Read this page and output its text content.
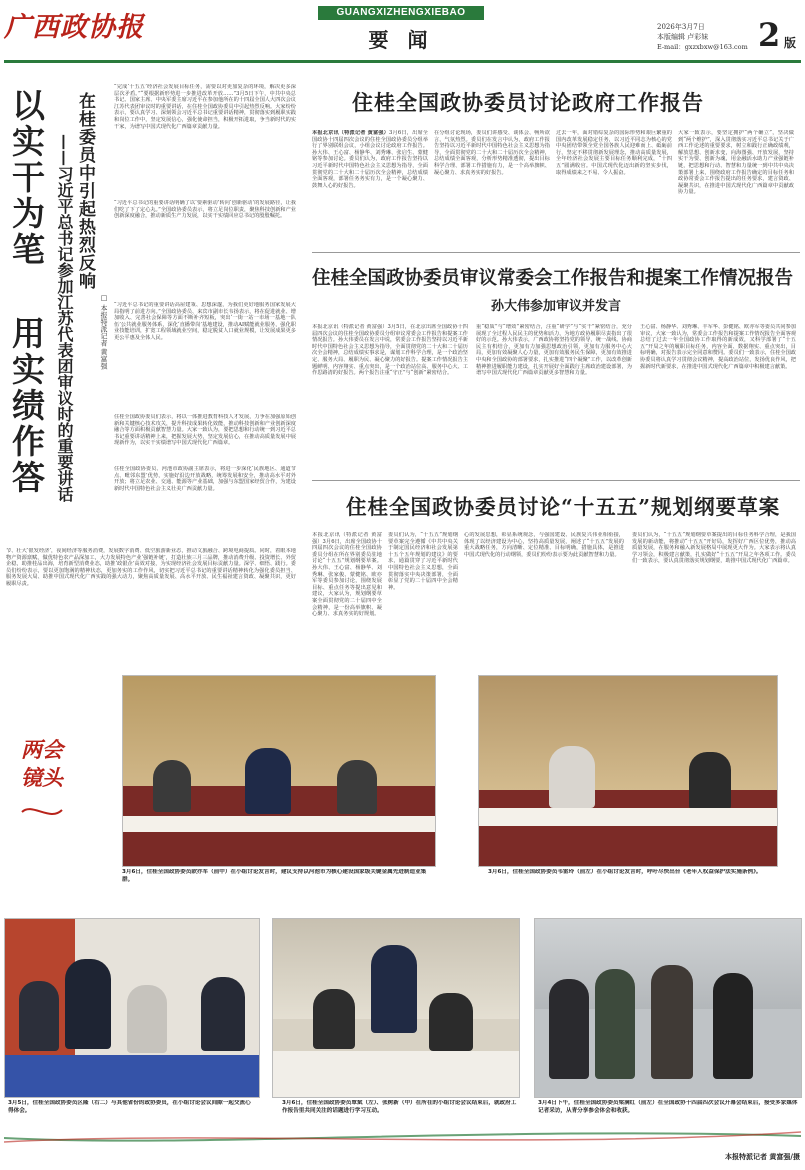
广西政协报	GUANGXIZHENGXIEBAO
要 闻
2026年3月7日
本版编辑 卢彩妹
E-mail：gxzxbxw@163.com 2 版
以实干为笔
用实绩作答
在桂委员中引起热烈反响
——习近平总书记参加江苏代表团审议时的重要讲话	□ 本报特派记者 黄富强
“完成‘十五五’经济社会发展目标任务，需要以对更加复杂的环境，解决更多深层次矛盾。”“要根据新形势进一步推进改革开放……”3月5日下午，中共中央总书记、国家主席、中央军委主席习近平在参加他所在的十四届全国人大四次会议江苏代表团审议时的重要讲话，在住桂全国政协委员中引起热烈反响。大家纷纷表示，要认真学习、深刻领会习近平总书记重要讲话精神，贯彻落实到履职实践和岗位工作中，坚定发展信心，强化使命担当，积极开拓进取，争当新时代的实干家，为谱写中国式现代化广西篇章贡献力量。
“习近平总书记的重要讲话明确了以‘要素驱动’转向‘创新驱动’的发展路径，让我们吃了下了定心丸。”全国政协委员表示，将立足岗位职责，聚焦科技创新和产业创新深度融合，推动新质生产力发展，以实干实绩回应总书记的殷殷嘱托。
“习近平总书记的重要讲话高屋建瓴、思想深邃，为我们更好地服务国家发展大局指明了前进方向。”全国政协委员、来宾市副市长韦扬表示，将在促进就业、增加收入、完善社会保障等方面不断补齐短板，突出‘一街一站一市场一基地一队伍’公共就业服务体系，深化‘直播带岗’基地建设，推动AI赋能就业服务，强化职业技能培训，扩宽工程领域就业空间，稳定脱贫人口就业规模，让发展成果更多更公平惠及全体人民。
住桂全国政协委员们表示，将以一体推进教育科技人才发展，力争在加强原始创新和关键核心技术攻关，提升科技成果转化效能，推动科技创新和产业创新深度融合等方面积极贡献智慧力量。大家一致认为，要把思想和行动统一到习近平总书记重要讲话精神上来，把握发展大势，坚定发展信心，在推动高质量发展中展现新作为，以实干实绩谱写中国式现代化广西篇章。
住桂全国政协委员、河池市政协副主席表示，将进一步深化‘民族地区、通道节点、毗邻东盟’优势，实施好沿边开放战略，统筹发展和安全，推动高水平对外开放；将立足农业、交通、能源等产业基础，加强与东盟国家经贸合作，为建设新时代中国特色社会主义壮美广西贡献力量。
节、壮大‘银发经济’，夜间经济等服务消费，发展数字消费、低空旅游新业态，推动文旅融合、跨境电商提质。同时，着眼本地物产资源禀赋，做优特色农产品深加工，大力发展特色产业‘强链补链’，打造壮族三月三品牌，推动消费升级、投资增长、外贸企稳，助推桂品出海，培育新型消费业态，助推‘政银企’高效对接，为实现经济社会发展目标贡献力量。深学、细悟、践行。委员们纷纷表示，要以更加饱满的精神状态，更加务实的工作作风，切实把习近平总书记的重要讲话精神转化为强化委员担当、服务发展大局、助推中国式现代化广西实践的强大动力，聚焦高质量发展、高水平开放、民生福祉建言资政、凝聚共识，更好履职尽责。
住桂全国政协委员讨论政府工作报告
本报北京讯（特派记者 黄富强）3月6日，出席全国政协十四届四次会议的住桂全国政协委员分组举行了界别联组会议，小组会议讨论政府工作报告。孙大伟、王心富、杨静华、刘秀琳、张启生、蒙健铭等参加讨论。委员们认为，政府工作报告坚持以习近平新时代中国特色社会主义思想为指导，全面贯彻党的二十大和二十届历次全会精神，总结成绩全面客观，部署任务务实有力，是一个凝心聚力、鼓舞人心的好报告。
在分组讨论现场，委员们讲感受、谈体会、畅所欲言，气氛热烈。委员们在发言中认为，政府工作报告坚持以习近平新时代中国特色社会主义思想为指导，全面贯彻党的二十大和二十届历次全会精神，总结成绩全面客观，分析形势精准透彻，提出目标科学合理、部署工作措施有力，是一个高举旗帜、凝心聚力、求真务实的好报告。
过去一年，面对错综复杂的国际形势和艰巨繁重的国内改革发展稳定任务，以习近平同志为核心的党中央团结带领全党全国各族人民迎难而上、砥砺前行，坚定不移贯彻新发展理念，推动高质量发展，全年经济社会发展主要目标任务顺利完成，“十四五”圆满收官。中国式现代化迈出新的坚实步伐，取得成绩来之不易、令人振奋。
大家一致表示，要坚定拥护“两个确立”，坚决做到“两个维护”，深入贯彻落实习近平总书记关于广西工作论述的重要要求，树立和践行正确政绩观，解放思想、创新求变，向海图强、开放发展，坚持实干为要、创新为魂，用金融活水助力产业强链补链，把思想和行动、智慧和力量统一到中共中央决策部署上来，围绕政府工作报告确定的目标任务和政协常委会工作报告提出的任务要求，建言资政、凝聚共识，在推进中国式现代化广西篇章中贡献政协力量。
住桂全国政协委员审议常委会工作报告和提案工作情况报告
孙大伟参加审议并发言
本报北京讯（特派记者 黄富强）3月5日，在北京出席全国政协十四届四次会议的住桂全国政协委员分组审议常委会工作报告和提案工作情况报告。孙大伟委员在发言中说，常委会工作报告坚持以习近平新时代中国特色社会主义思想为指导，全面贯彻党的二十大和二十届历次全会精神，总结成绩实事求是，谋划工作科学合理，是一个政治坚定、服务大局、履职为民、凝心聚力的好报告。提案工作情况报告主题鲜明、内容翔实、重点突出，是一个政治站位高、服务中心大、工作思路清的好报告。两个报告注重“守正”与“创新”紧密结合。
重“稳质”与“增效”紧密结合，注重“研学”与“实干”紧密结合，充分展现了全过程人民民主的优势和活力，为地方政协履职尽责指出了很好的示范。孙大伟表示，广西政协将坚持党的领导，统一战线、协商民主有机结合，更加有力加强思想政治引领，更加有力服务中心大局，更加有效凝聚人心力量，更加有效服务民生保障，更加有效推进中央和全国政协的部署要求，扎实推进“四个凝聚”工作，以改革创新精神推进履职能力建设，扎实开展好全面践行主席政治建设部署，为谱写中国式现代化广西篇章贡献更多智慧和力量。
王心富、杨静华、刘秀琳、丰军华、彭健铭、欧亦军等委员共同参加审议，大家一致认为，常委会工作报告和提案工作情况报告全面客观总结了过去一年全国政协工作取得的新成效，又科学部署了“十五五”开局之年的履职目标任务，内容全面、数据翔实、重点突出，目标明确，对报告表示完全同意和赞同。委员们一致表示，住桂全国政协委员将认真学习贯彻会议精神，提高政治站位，发扬优良作风，把握新时代新要求，在推进中国式现代化广西篇章中积极建言献策。
住桂全国政协委员讨论“十五五”规划纲要草案
本报北京讯（特派记者 黄富强）3月6日，出席全国政协十四届四次会议的住桂全国政协委员分组在所在界别委员驻地讨论“十五五”规划纲要草案。孙大伟、王心富、杨静华、刘秀琳、张家俊、蒙健铭、欧亦军等委员参加讨论，围绕发展目标、重点任务等提出意见和建议，大家认为，规划纲要草案全面贯彻党的二十届四中全会精神，是一份高举旗帜、凝心聚力、求真务实的好规划。
委员们认为，“十五五”规划纲要草案完全遵循《中共中央关于制定国民经济和社会发展第十五个五年规划的建议》的要求，通篇贯穿了习近平新时代中国特色社会主义思想，全面贯彻落实中央决策部署，全面彰显了党的二十届四中全会精神。
心的发展思想，彰显系统观念，与强国建设、民族复兴伟业相衔接，体现了以经济建设为中心，坚持高质量发展，阐述了“十五五”发展的重大战略任务，方向清晰、定位精准、目标明确，措施具体，是推进中国式现代化的行动纲领，委员们纷纷表示要为此贡献智慧和力量。
委员们认为，“十五五”规划纲要草案提出的目标任务科学合理，是我国发展的新动能，将推动“十五五”开好局，发挥好广西区位优势，推动高质量发展，在服务和融入新发展格局中展现更大作为。大家表示将认真学习领会，积极建言献策，扎实做好“十五五”开局之年各项工作。委员们一致表示，要认真贯彻落实规划纲要，助推中国式现代化广西篇章。
两会镜头
3月6日，住桂全国政协委员欧亦军（前中）在小组讨论发言时，建议支持以河池市为核心建设国家级关键金属先进制造业集群。
3月6日，住桂全国政协委员韦雷玲（前左）在小组讨论发言时，呼吁尽快出台《老年人权益保护法实施条例》。
3月5日，住桂全国政协委员区隆（右二）与其他省份的政协委员，在小组讨论会议间隙一起交流心得体会。
3月6日，住桂全国政协委员覃斌（左）、张树新（中）在所在的小组讨论会议结束后，就政府工作报告里共同关注的话题进行学习互动。
3月4日下午，住桂全国政协委员梁满红（前左）在全国政协十四届四次会议开幕会结束后，接受多家媒体记者采访，从青分享参会体会和收获。
本报特派记者 黄富强/摄
